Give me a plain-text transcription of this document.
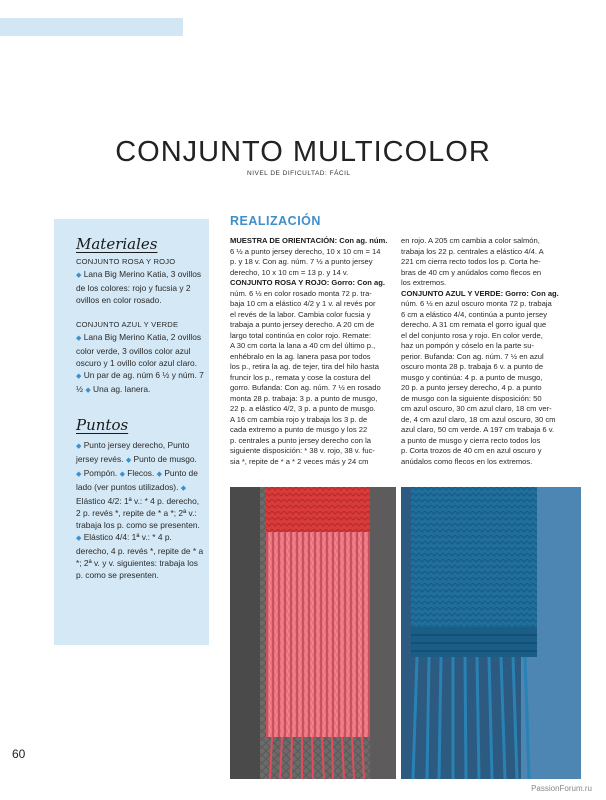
CONJUNTO MULTICOLOR
NIVEL DE DIFICULTAD: FÁCIL
Materiales
CONJUNTO ROSA Y ROJO
◆ Lana Big Merino Katia, 3 ovillos de los colores: rojo y fucsia y 2 ovillos en color rosado.
CONJUNTO AZUL Y VERDE
◆ Lana Big Merino Katia, 2 ovillos color verde, 3 ovillos color azul oscuro y 1 ovillo color azul claro. ◆ Un par de ag. núm 6 ½ y núm. 7 ½ ◆ Una ag. lanera.
Puntos
◆ Punto jersey derecho, Punto jersey revés. ◆ Punto de musgo. ◆ Pompón. ◆ Flecos. ◆ Punto de lado (ver puntos utilizados). ◆ Elástico 4/2: 1ª v.: * 4 p. derecho, 2 p. revés *, repite de * a *; 2ª v.: trabaja los p. como se presenten. ◆ Elástico 4/4: 1ª v.: * 4 p. derecho, 4 p. revés *, repite de * a *; 2ª v. y v. siguientes: trabaja los p. como se presenten.
REALIZACIÓN
MUESTRA DE ORIENTACIÓN: Con ag. núm.
6 ½ a punto jersey derecho, 10 x 10 cm = 14
p. y 18 v. Con ag. núm. 7 ½ a punto jersey
derecho, 10 x 10 cm = 13 p. y 14 v.
CONJUNTO ROSA Y ROJO: Gorro: Con ag.
núm. 6 ½ en color rosado monta 72 p. tra-
baja 10 cm a elástico 4/2 y 1 v. al revés por
el revés de la labor. Cambia color fucsia y
trabaja a punto jersey derecho. A 20 cm de
largo total continúa en color rojo. Remate:
A 30 cm corta la lana a 40 cm del último p.,
enhébralo en la ag. lanera pasa por todos
los p., retira la ag. de tejer, tira del hilo hasta
fruncir los p., remata y cose la costura del
gorro. Bufanda: Con ag. núm. 7 ½ en rosado
monta 28 p. trabaja: 3 p. a punto de musgo,
22 p. a elástico 4/2, 3 p. a punto de musgo.
A 16 cm cambia rojo y trabaja los 3 p. de
cada extremo a punto de musgo y los 22
p. centrales a punto jersey derecho con la
siguiente disposición: * 38 v. rojo, 38 v. fuc-
sia *, repite de * a * 2 veces más y 24 cm
en rojo. A 205 cm cambia a color salmón,
trabaja los 22 p. centrales a elástico 4/4. A
221 cm cierra recto todos los p. Corta he-
bras de 40 cm y anúdalos como flecos en
los extremos.
CONJUNTO AZUL Y VERDE: Gorro: Con ag.
núm. 6 ½ en azul oscuro monta 72 p. trabaja
6 cm a elástico 4/4, continúa a punto jersey
derecho. A 31 cm remata el gorro igual que
el del conjunto rosa y rojo. En color verde,
haz un pompón y cóselo en la parte su-
perior. Bufanda: Con ag. núm. 7 ½ en azul
oscuro monta 28 p. trabaja 6 v. a punto de
musgo y continúa: 4 p. a punto de musgo,
20 p. a punto jersey derecho, 4 p. a punto
de musgo con la siguiente disposición: 50
cm azul oscuro, 30 cm azul claro, 18 cm ver-
de, 4 cm azul claro, 18 cm azul oscuro, 30 cm
azul claro, 50 cm verde. A 197 cm trabaja 6 v.
a punto de musgo y cierra recto todos los
p. Corta trozos de 40 cm en azul oscuro y
anúdalos como flecos en los extremos.
60
PassionForum.ru
